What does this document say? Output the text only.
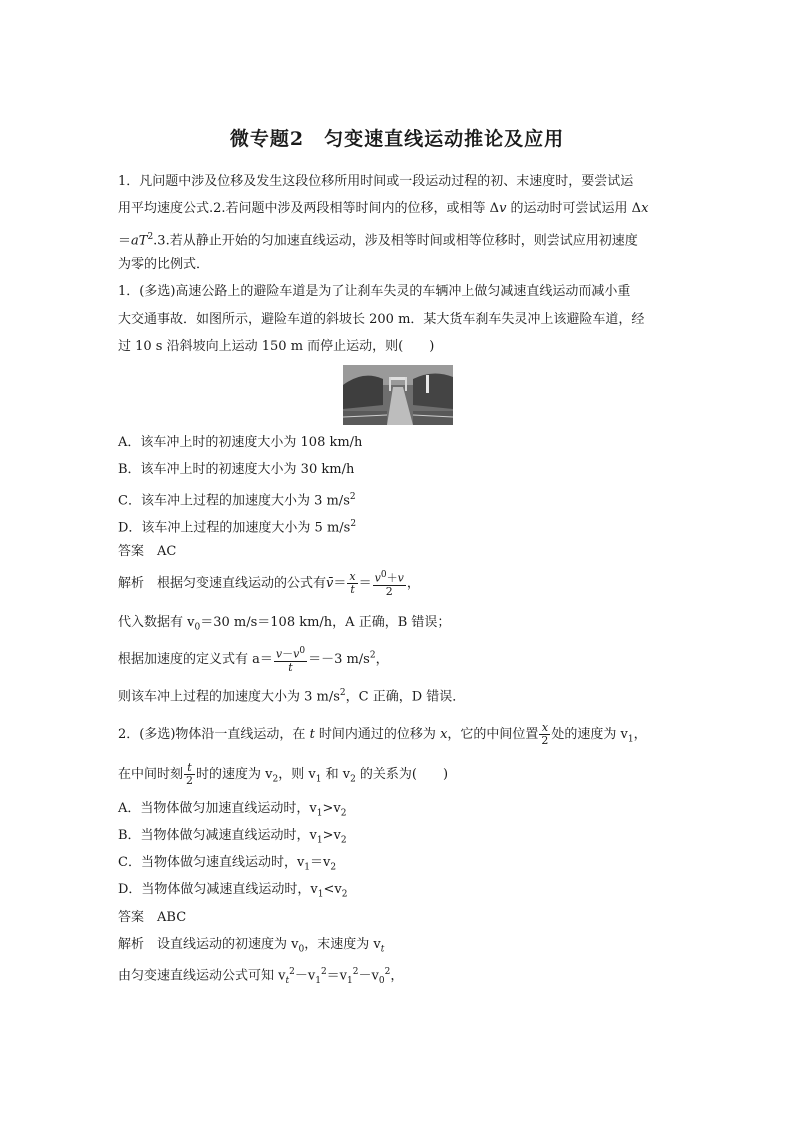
微专题2　匀变速直线运动推论及应用
1．凡问题中涉及位移及发生这段位移所用时间或一段运动过程的初、末速度时，要尝试运
用平均速度公式.2.若问题中涉及两段相等时间内的位移，或相等 Δv 的运动时可尝试运用 Δx
$=aT^2.3$.若从静止开始的匀加速直线运动，涉及相等时间或相等位移时，则尝试应用初速度
为零的比例式．
1．(多选)高速公路上的避险车道是为了让刹车失灵的车辆冲上做匀减速直线运动而减小重
大交通事故．如图所示，避险车道的斜坡长 200 m．某大货车刹车失灵冲上该避险车道，经
过 10 s 沿斜坡向上运动 150 m 而停止运动，则(　　)
A．该车冲上时的初速度大小为 108 km/h
B．该车冲上时的初速度大小为 30 km/h
C．该车冲上过程的加速度大小为 3 $m/s^2$
D．该车冲上过程的加速度大小为 5 $m/s^2$
答案　 AC
解析　 根据匀变速直线运动的公式有v̄＝ $\frac{x}{t} = \frac{v^0+v}{2}$ ，
代入数据有 $v_0=30$ m/s＝108 km/h，A 正确，B 错误；
根据加速度的定义式有 $a= \frac{v-v^0}{t} =-3$ $m/s^2$，
则该车冲上过程的加速度大小为 3 $m/s^2$，C 正确，D 错误．
2．(多选)物体沿一直线运动，在 t 时间内通过的位移为 x，它的中间位置 $\frac{x}{2}$ 处的速度为 $v_1$，
在中间时刻 $\frac{t}{2}$ 时的速度为 $v_2$，则 $v_1$ 和 $v_2$ 的关系为(　　)
A．当物体做匀加速直线运动时，$v_1>v_2$
B．当物体做匀减速直线运动时，$v_1>v_2$
C．当物体做匀速直线运动时，$v_1=v_2$
D．当物体做匀减速直线运动时，$v_1<v_2$
答案　 ABC
解析　 设直线运动的初速度为 $v_0$，末速度为 $v_t$
由匀变速直线运动公式可知 $v_t^2-v_1^2=v_1^2-v_0^2$，
